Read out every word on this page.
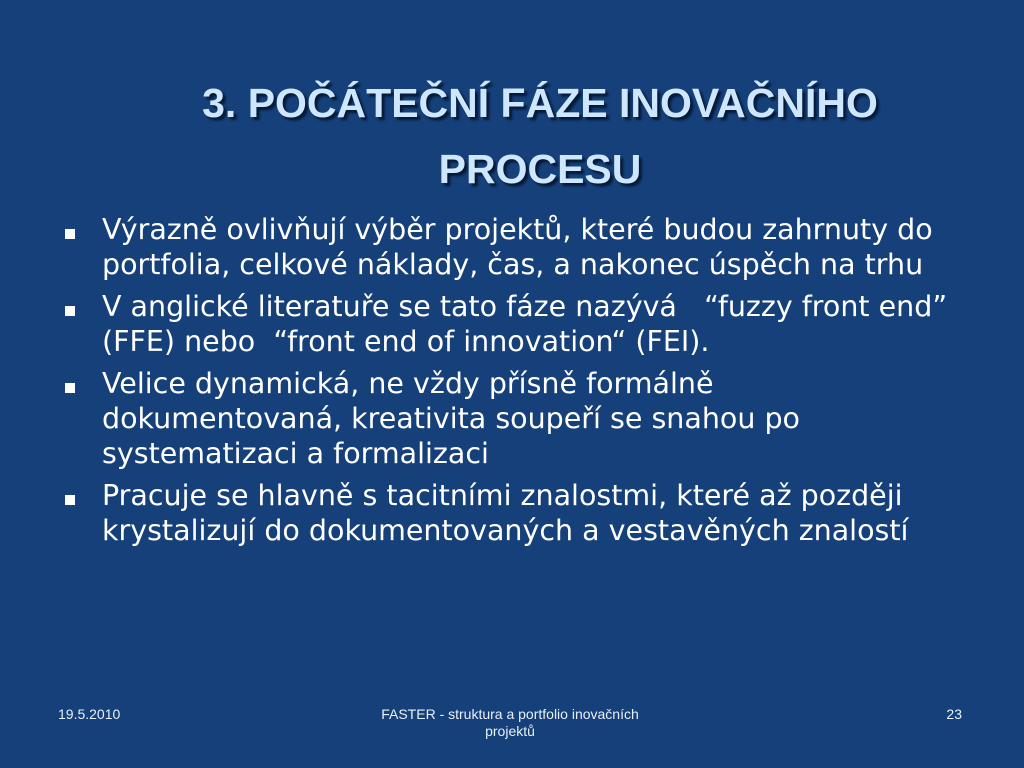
3. POČÁTEČNÍ FÁZE INOVAČNÍHO
PROCESU
Výrazně ovlivňují výběr projektů, které budou zahrnuty do portfolia, celkové náklady, čas, a nakonec úspěch na trhu
V anglické literatuře se tato fáze nazývá   “fuzzy front end” (FFE) nebo  “front end of innovation“ (FEI).
Velice dynamická, ne vždy přísně formálně dokumentovaná, kreativita soupeří se snahou po systematizaci a formalizaci
Pracuje se hlavně s tacitními znalostmi, které až později krystalizují do dokumentovaných a vestavěných znalostí
19.5.2010	FASTER - struktura a portfolio inovačních
projektů
23
